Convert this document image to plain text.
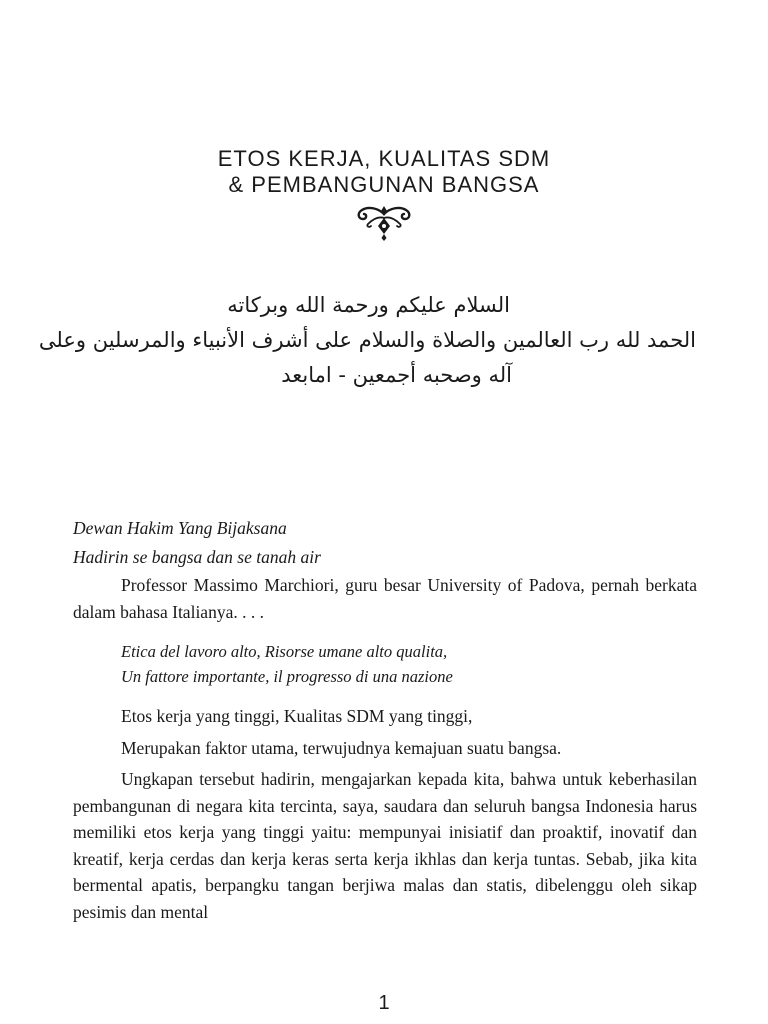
ETOS KERJA, KUALITAS SDM
& PEMBANGUNAN BANGSA
السلام عليكم ورحمة الله وبركاته
الحمد لله رب العالمين والصلاة والسلام على أشرف الأنبياء والمرسلين وعلى
آله وصحبه أجمعين - امابعد
Dewan Hakim Yang Bijaksana
Hadirin se bangsa dan se tanah air

Professor Massimo Marchiori, guru besar University of Padova, pernah berkata dalam bahasa Italianya. . . .

Etica del lavoro alto, Risorse umane alto qualita,
Un fattore importante, il progresso di una nazione
Etos kerja yang tinggi, Kualitas SDM yang tinggi,
Merupakan faktor utama, terwujudnya kemajuan suatu bangsa.

Ungkapan tersebut hadirin, mengajarkan kepada kita, bahwa untuk keberhasilan pembangunan di negara kita tercinta, saya, saudara dan seluruh bangsa Indonesia harus memiliki etos kerja yang tinggi yaitu: mempunyai inisiatif dan proaktif, inovatif dan kreatif, kerja cerdas dan kerja keras serta kerja ikhlas dan kerja tuntas. Sebab, jika kita bermental apatis, berpangku tangan berjiwa malas dan statis, dibelenggu oleh sikap pesimis dan mental

1
